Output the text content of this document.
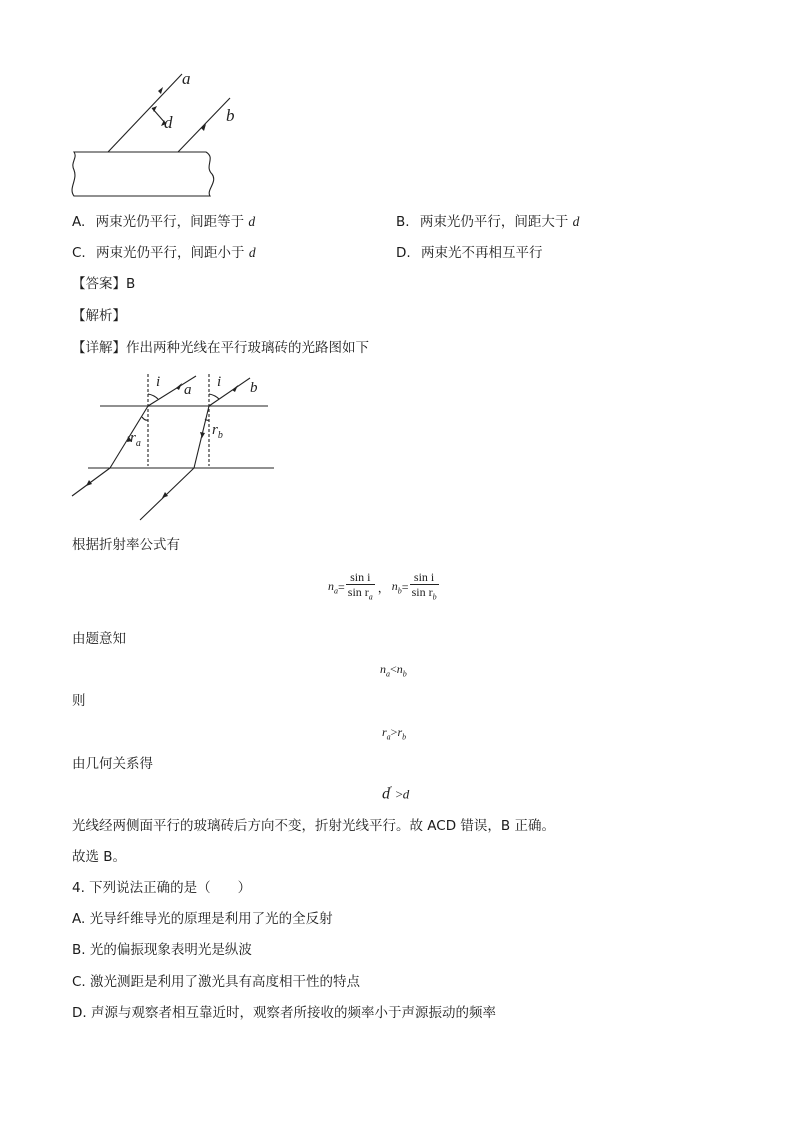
a
b
d
A. 两束光仍平行，间距等于 d	B. 两束光仍平行，间距大于 d
C. 两束光仍平行，间距小于 d	D. 两束光不再相互平行
【答案】B
【解析】
【详解】作出两种光线在平行玻璃砖的光路图如下
i a i b
$r_a$
$r_b$
根据折射率公式有
$n_a = \frac{\text{sin i}}{\sin r_a}$ ， $n_b = \frac{\text{sin i}}{\sin r_b}$
由题意知
$n_a<n_b$
则
$r_a>r_b$
由几何关系得
d′ >d
光线经两侧面平行的玻璃砖后方向不变，折射光线平行。故 ACD 错误，B 正确。
故选 B。
4. 下列说法正确的是（　　）
A. 光导纤维导光的原理是利用了光的全反射
B. 光的偏振现象表明光是纵波
C. 激光测距是利用了激光具有高度相干性的特点
D. 声源与观察者相互靠近时，观察者所接收的频率小于声源振动的频率
